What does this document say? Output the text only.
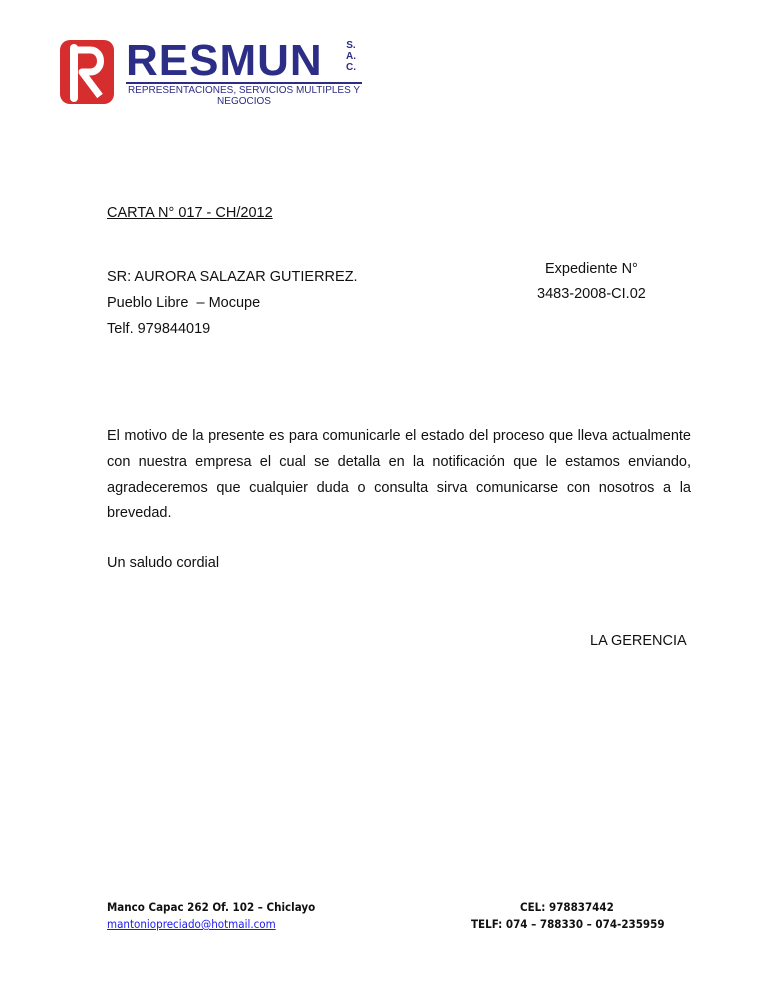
RESMUN S.
A.
C.
REPRESENTACIONES, SERVICIOS MULTIPLES Y NEGOCIOS
CARTA N° 017 - CH/2012
SR: AURORA SALAZAR GUTIERREZ.
Pueblo Libre  – Mocupe
Telf. 979844019
Expediente N°
3483-2008-CI.02
El motivo de la presente es para comunicarle el estado del proceso que lleva actualmente con nuestra empresa el cual se detalla en la notificación que le estamos enviando, agradeceremos que cualquier duda o consulta sirva comunicarse con nosotros a la brevedad.
Un saludo cordial
LA GERENCIA
Manco Capac 262 Of. 102 – Chiclayo
mantoniopreciado@hotmail.com
CEL: 978837442
TELF: 074 – 788330 – 074-235959
